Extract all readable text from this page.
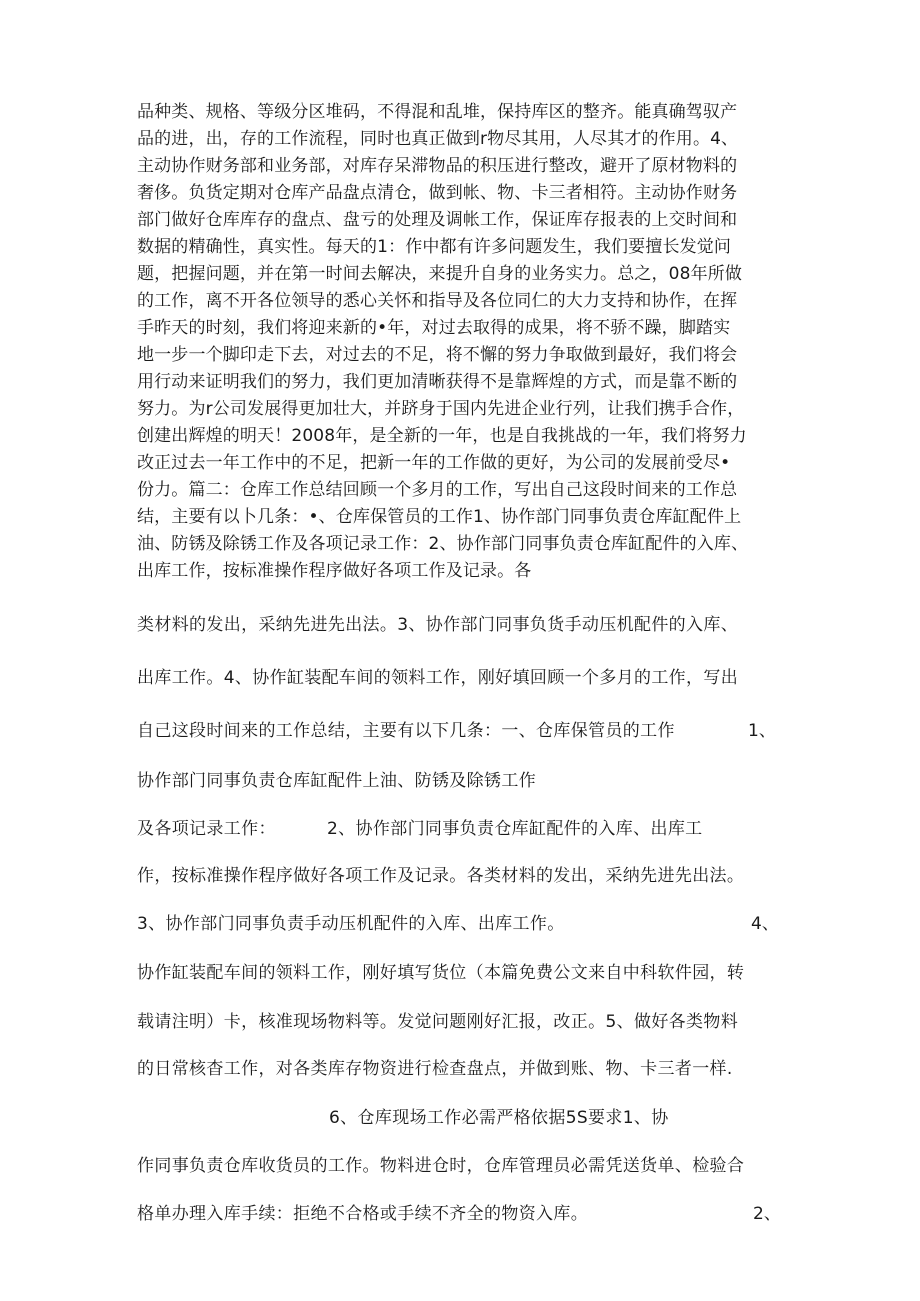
品种类、规格、等级分区堆码，不得混和乱堆，保持库区的整齐。能真确驾驭产
品的进，出，存的工作流程，同时也真正做到r物尽其用，人尽其才的作用。4、
主动协作财务部和业务部，对库存呆滞物品的积压进行整改，避开了原材物料的
奢侈。负货定期对仓库产品盘点清仓，做到帐、物、卡三者相符。主动协作财务
部门做好仓库库存的盘点、盘亏的处理及调帐工作，保证库存报表的上交时间和
数据的精确性，真实性。每天的1：作中都有许多问题发生，我们要擅长发觉问
题，把握问题，并在第一时间去解决，来提升自身的业务实力。总之，08年所做
的工作，离不开各位领导的悉心关怀和指导及各位同仁的大力支持和协作，在挥
手昨天的时刻，我们将迎来新的•年，对过去取得的成果，将不骄不躁，脚踏实
地一步一个脚印走下去，对过去的不足，将不懈的努力争取做到最好，我们将会
用行动来证明我们的努力，我们更加清晰获得不是靠辉煌的方式，而是靠不断的
努力。为r公司发展得更加壮大，并跻身于国内先进企业行列，让我们携手合作，
创建出辉煌的明天！2008年，是全新的一年，也是自我挑战的一年，我们将努力
改正过去一年工作中的不足，把新一年的工作做的更好，为公司的发展前受尽•
份力。篇二：仓库工作总结回顾一个多月的工作，写出自己这段时间来的工作总
结，主要有以卜几条：•、仓库保管员的工作1、协作部门同事负责仓库缸配件上
油、防锈及除锈工作及各项记录工作：2、协作部门同事负责仓库缸配件的入库、
出库工作，按标准操作程序做好各项工作及记录。各
类材料的发出，采纳先进先出法。3、协作部门同事负货手动压机配件的入库、
出库工作。4、协作缸装配车间的领料工作，刚好填回顾一个多月的工作，写出
自己这段时间来的工作总结，主要有以下几条：一、仓库保管员的工作	1、
协作部门同事负责仓库缸配件上油、防锈及除锈工作
及各项记录工作：	2、协作部门同事负责仓库缸配件的入库、出库工
作，按标准操作程序做好各项工作及记录。各类材料的发出，采纳先进先出法。
3、协作部门同事负责手动压机配件的入库、出库工作。	4、
协作缸装配车间的领料工作，刚好填写货位（本篇免费公文来自中科软件园，转
载请注明）卡，核准现场物料等。发觉问题刚好汇报，改正。5、做好各类物料
的日常核杳工作，对各类库存物资进行检查盘点，并做到账、物、卡三者一样.
6、仓库现场工作必需严格依据5S要求1、协
作同事负责仓库收货员的工作。物料进仓时，仓库管理员必需凭送货单、检验合
格单办理入库手续：拒绝不合格或手续不齐全的物资入库。	2、
